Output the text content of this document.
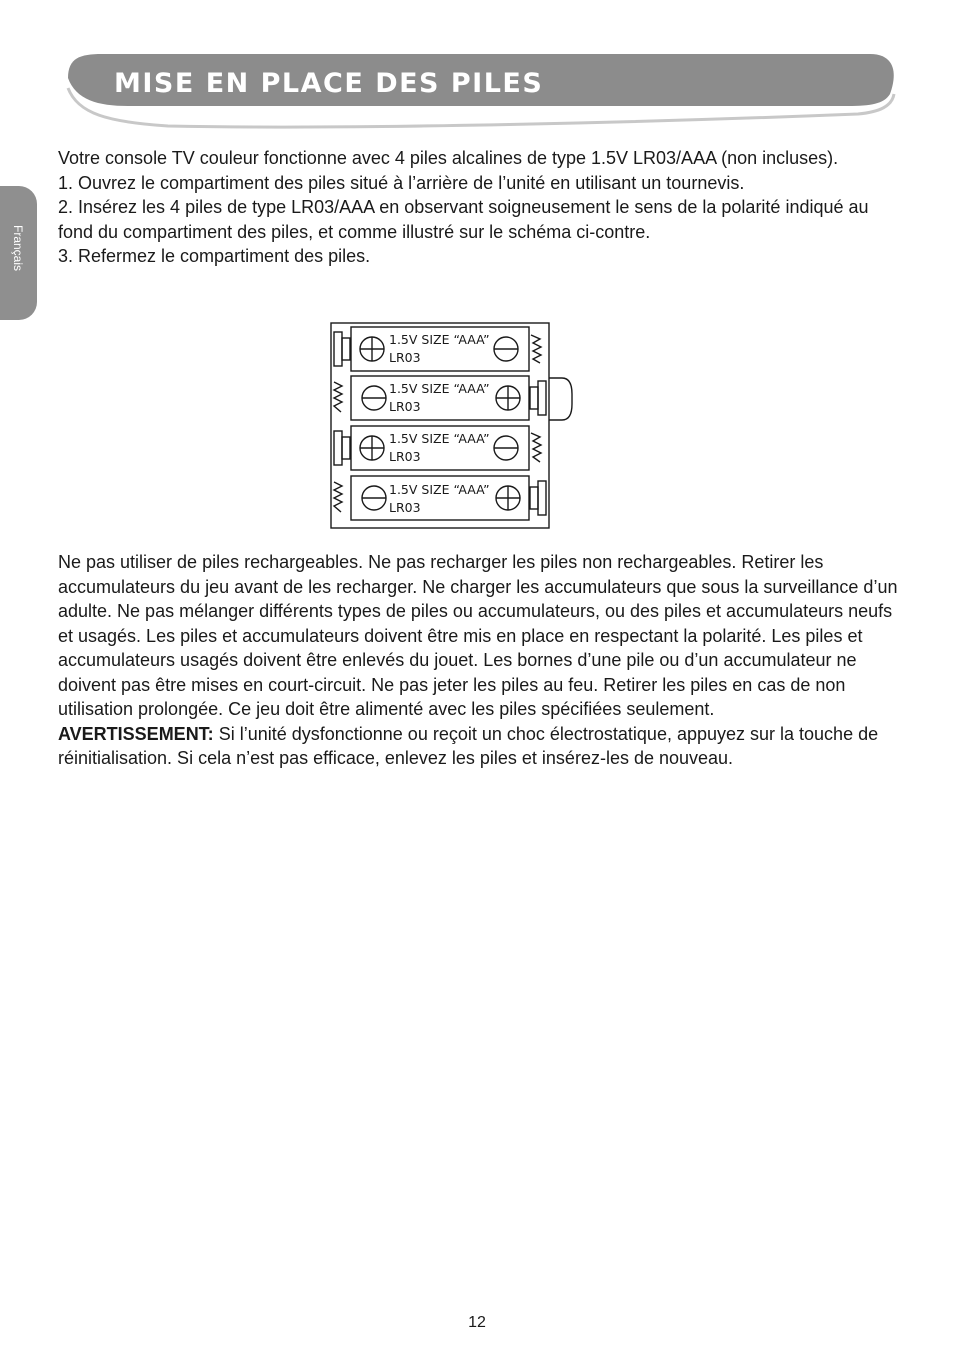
MISE EN PLACE DES PILES
Français

Votre console TV couleur fonctionne avec 4 piles alcalines de type 1.5V LR03/AAA (non incluses).

1. Ouvrez le compartiment des piles situé à l’arrière de l’unité en utilisant un tournevis.

2. Insérez les 4 piles de type LR03/AAA en observant soigneusement le sens de la polarité indiqué au fond du compartiment des piles, et comme illustré sur le schéma ci-contre.

3. Refermez le compartiment des piles.

1.5V SIZE “AAA”
LR03
1.5V SIZE “AAA”
LR03
1.5V SIZE “AAA”
LR03
1.5V SIZE “AAA”
LR03

Ne pas utiliser de piles rechargeables. Ne pas recharger les piles non rechargeables. Retirer les accumulateurs du jeu avant de les recharger. Ne charger les accumulateurs que sous la surveillance d’un adulte. Ne pas mélanger différents types de piles ou accumulateurs, ou des piles et accumulateurs neufs et usagés. Les piles et accumulateurs doivent être mis en place en respectant la polarité. Les piles et accumulateurs usagés doivent être enlevés du jouet. Les bornes d’une pile ou d’un accumulateur ne doivent pas être mises en court-circuit. Ne pas jeter les piles au feu. Retirer les piles en cas de non utilisation prolongée. Ce jeu doit être alimenté avec les piles spécifiées seulement.

AVERTISSEMENT: Si l’unité dysfonctionne ou reçoit un choc électrostatique, appuyez sur la touche de réinitialisation. Si cela n’est pas efficace, enlevez les piles et insérez-les de nouveau.

12
